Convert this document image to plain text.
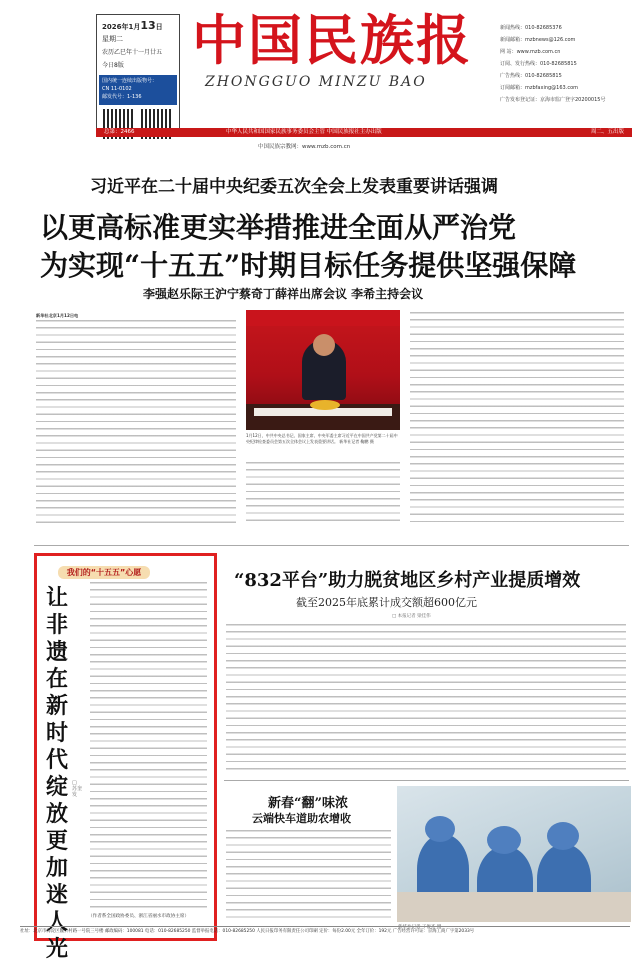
2026年1月13日
星期二
农历乙巳年十一月廿五
今日8版
国内统一连续出版物号：
CN 11-0102
邮发代号：1-136
中国民族报
ZHONGGUO MINZU BAO
新闻热线：010-82685376
新闻邮箱：mzbnews@126.com
网 站：www.mzb.com.cn
订阅、发行热线：010-82685815
广告热线：010-82685815
订阅邮箱：mzbfaxing@163.com
广告发布登记证：京海市监广登字20200015号
总第：2466	中华人民共和国国家民族事务委员会主管 中国民族报社主办出版	周二、五出版
中国民族宗教网：www.mzb.com.cn
习近平在二十届中央纪委五次全会上发表重要讲话强调
以更高标准更实举措推进全面从严治党
为实现“十五五”时期目标任务提供坚强保障
李强赵乐际王沪宁蔡奇丁薛祥出席会议 李希主持会议
新华社北京1月12日电
1月12日，中共中央总书记、国家主席、中央军委主席习近平在中国共产党第二十届中央纪律检查委员会第五次全体会议上发表重要讲话。 新华社记者 鞠鹏 摄
我们的“十五五”心愿
让
非
遗
在
新
时
代
绽
放
更
加
迷
人
光
□ 苏奎发
（作者系全国政协委员、浙江省丽水市政协主席）
“832平台”助力脱贫地区乡村产业提质增效
截至2025年底累计成交额超600亿元
□ 本报记者 梁佳伟
新春“翻”味浓
云端快车道助农增收
新华社记者 丁俊杰 摄
社址：北京市海淀区魏公村路一号院三号楼 邮政编码：100081 电话：010-82685250 监督举报电话：010-82685250 人民日报印务有限责任公司印刷 定价：每份2.00元 全年订价：192元 广告经营许可证：京海工商广字第2033号
